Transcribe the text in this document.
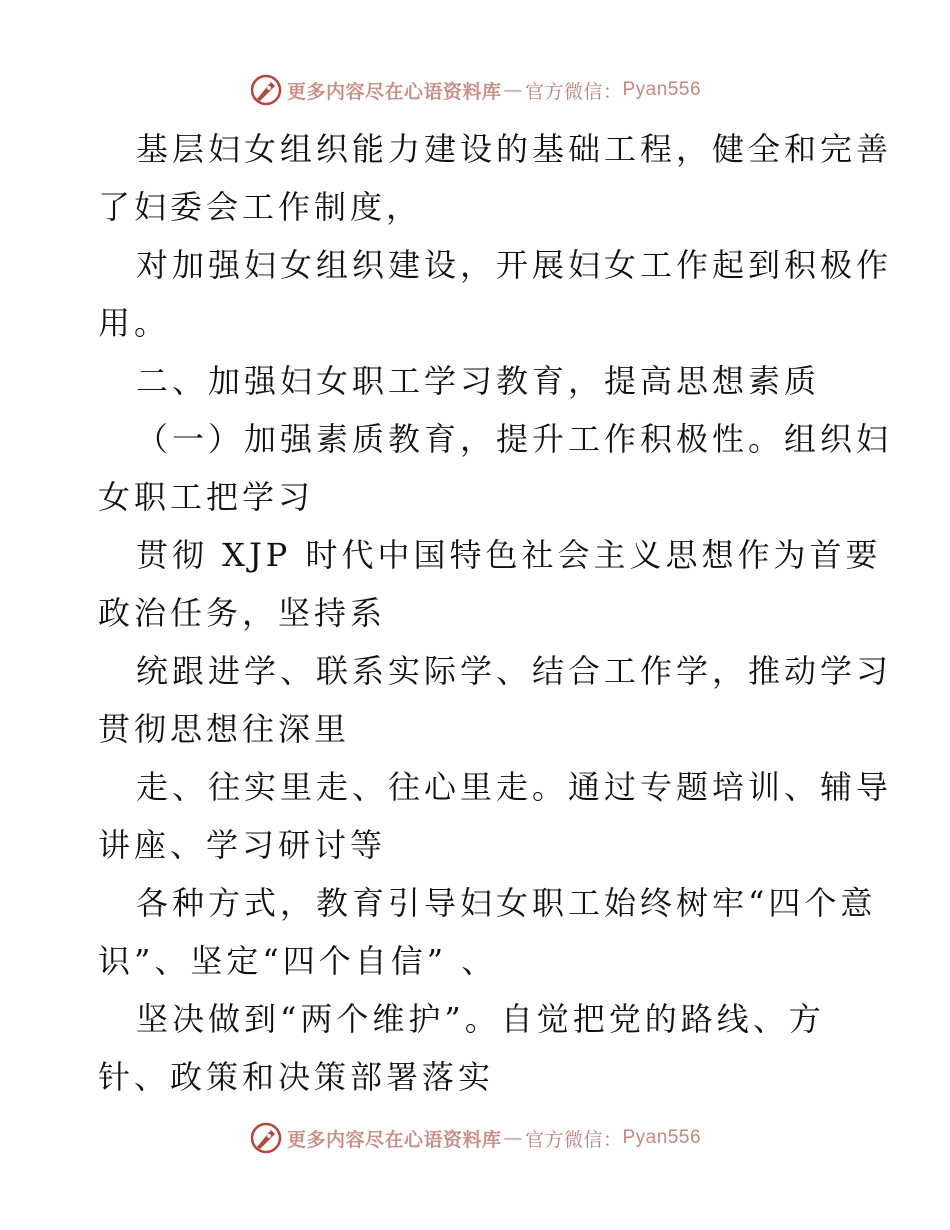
更多内容尽在心语资料库 — 官方微信： Pyan556
基层妇女组织能力建设的基础工程，健全和完善
了妇委会工作制度，
对加强妇女组织建设，开展妇女工作起到积极作
用。
二、加强妇女职工学习教育，提高思想素质
（一）加强素质教育，提升工作积极性。组织妇
女职工把学习
贯彻 XJP 时代中国特色社会主义思想作为首要
政治任务，坚持系
统跟进学、联系实际学、结合工作学，推动学习
贯彻思想往深里
走、往实里走、往心里走。通过专题培训、辅导
讲座、学习研讨等
各种方式，教育引导妇女职工始终树牢“四个意
识”、坚定“四个自信” 、
坚决做到“两个维护”。自觉把党的路线、方
针、政策和决策部署落实
更多内容尽在心语资料库 — 官方微信： Pyan556
